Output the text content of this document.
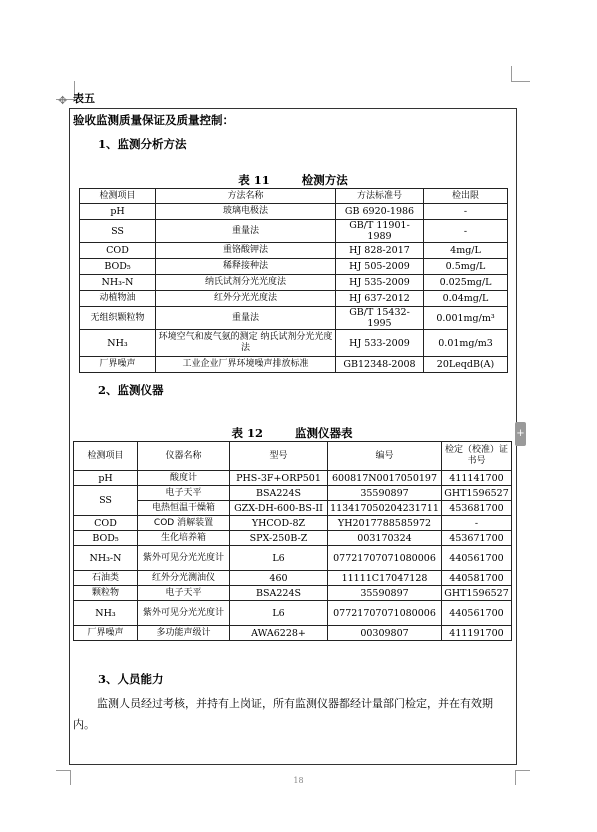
✥ 表五
验收监测质量保证及质量控制：
1、监测分析方法
表 11	检测方法
检测项目	方法名称	方法标准号	检出限
pH	玻璃电极法	GB 6920-1986	-
SS	重量法	GB/T 11901-1989	-
COD	重铬酸钾法	HJ 828-2017	4mg/L
BOD₅	稀释接种法	HJ 505-2009	0.5mg/L
NH₃-N	纳氏试剂分光光度法	HJ 535-2009	0.025mg/L
动植物油	红外分光光度法	HJ 637-2012	0.04mg/L
无组织颗粒物	重量法	GB/T 15432-1995	0.001mg/m³
NH₃	环境空气和废气氨的测定 纳氏试剂分光光度法	HJ 533-2009	0.01mg/m3
厂界噪声	工业企业厂界环境噪声排放标准	GB12348-2008	20LeqdB(A)
2、监测仪器
表 12	监测仪器表
检测项目	仪器名称	型号	编号	检定（校准）证书号
pH	酸度计	PHS-3F+ORP501	600817N0017050197	411141700
SS	电子天平	BSA224S	35590897	GHT1596527
	电热恒温干燥箱	GZX-DH-600-BS-II	113417050204231711	453681700
COD	COD 消解装置	YHCOD-8Z	YH2017788585972	-
BOD₅	生化培养箱	SPX-250B-Z	003170324	453671700
NH₃-N	紫外可见分光光度计	L6	07721707071080006	440561700
石油类	红外分光测油仪	460	11111C17047128	440581700
颗粒物	电子天平	BSA224S	35590897	GHT1596527
NH₃	紫外可见分光光度计	L6	07721707071080006	440561700
厂界噪声	多功能声级计	AWA6228+	00309807	411191700
3、人员能力
监测人员经过考核，并持有上岗证，所有监测仪器都经计量部门检定，并在有效期内。
18
+
